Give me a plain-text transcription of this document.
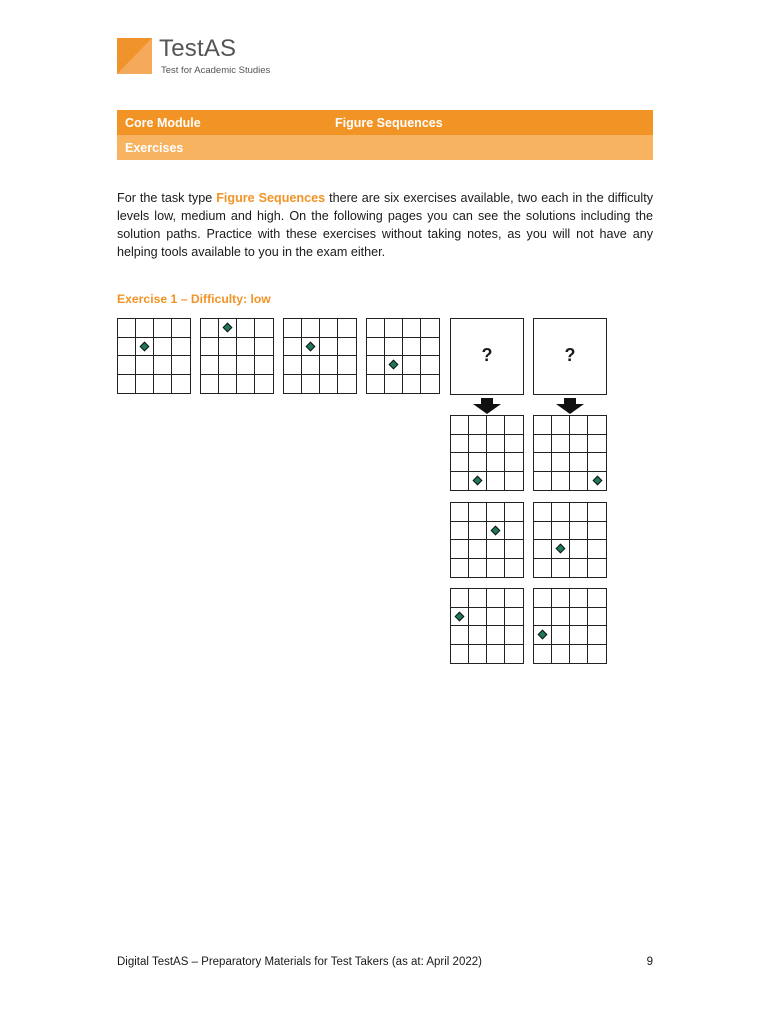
TestAS
Test for Academic Studies
Core Module	Figure Sequences
Exercises

For the task type Figure Sequences there are six exercises available, two each in the difficulty levels low, medium and high. On the following pages you can see the solutions including the solution paths. Practice with these exercises without taking notes, as you will not have any helping tools available to you in the exam either.

Exercise 1 – Difficulty: low
?	?
Digital TestAS – Preparatory Materials for Test Takers (as at: April 2022)	9
